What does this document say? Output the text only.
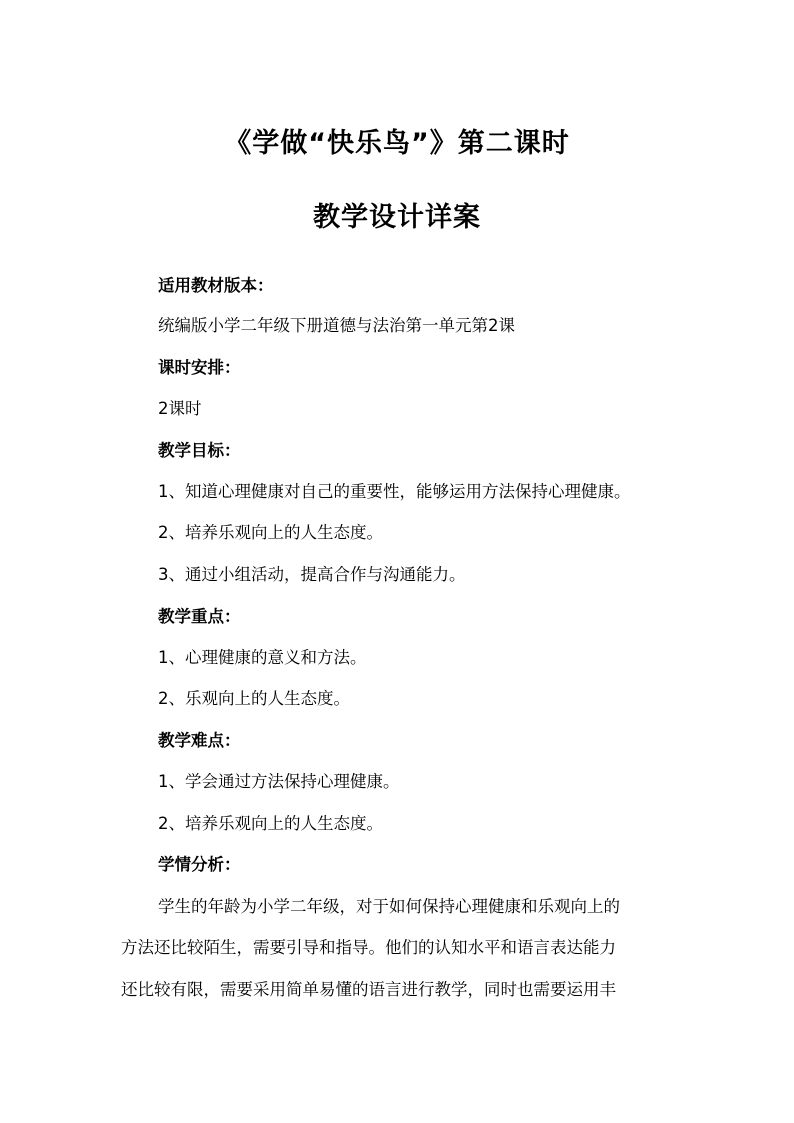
《学做“快乐鸟”》第二课时
教学设计详案
适用教材版本：
统编版小学二年级下册道德与法治第一单元第2课
课时安排：
2课时
教学目标：
1、知道心理健康对自己的重要性，能够运用方法保持心理健康。
2、培养乐观向上的人生态度。
3、通过小组活动，提高合作与沟通能力。
教学重点：
1、心理健康的意义和方法。
2、乐观向上的人生态度。
教学难点：
1、学会通过方法保持心理健康。
2、培养乐观向上的人生态度。
学情分析：
学生的年龄为小学二年级，对于如何保持心理健康和乐观向上的
方法还比较陌生，需要引导和指导。他们的认知水平和语言表达能力
还比较有限，需要采用简单易懂的语言进行教学，同时也需要运用丰
